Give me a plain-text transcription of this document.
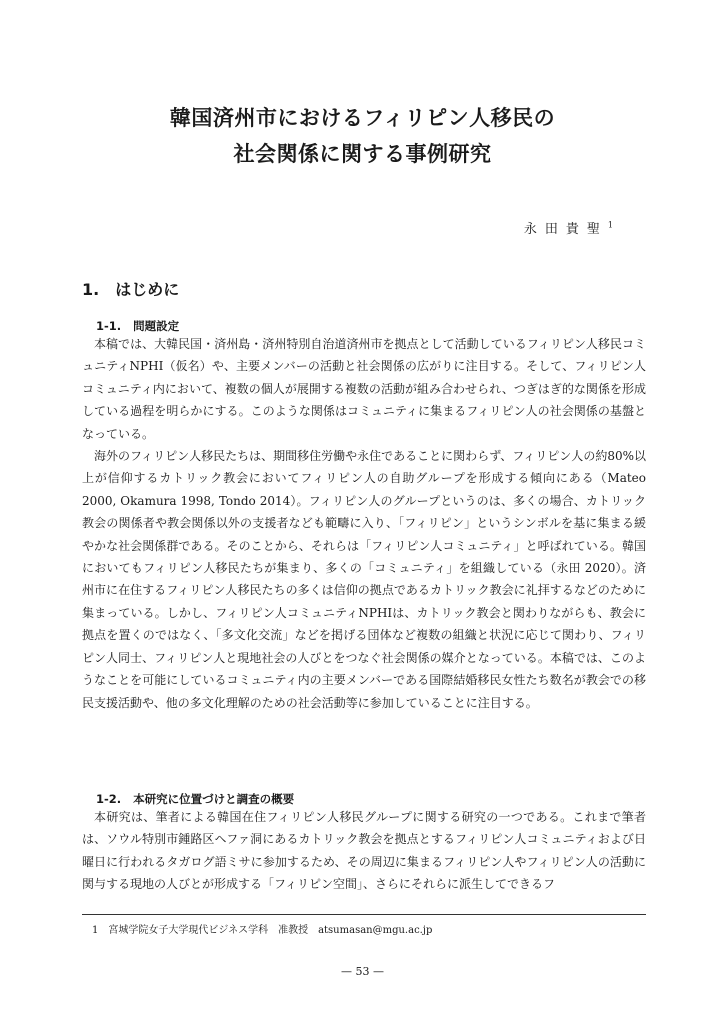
韓国済州市におけるフィリピン人移民の
社会関係に関する事例研究
永田貴聖$^1$
1. はじめに
1-1. 問題設定

本稿では、大韓民国・済州島・済州特別自治道済州市を拠点として活動しているフィリピン人移民コミュニティNPHI（仮名）や、主要メンバーの活動と社会関係の広がりに注目する。そして、フィリピン人コミュニティ内において、複数の個人が展開する複数の活動が組み合わせられ、つぎはぎ的な関係を形成している過程を明らかにする。このような関係はコミュニティに集まるフィリピン人の社会関係の基盤となっている。

海外のフィリピン人移民たちは、期間移住労働や永住であることに関わらず、フィリピン人の約80%以上が信仰するカトリック教会においてフィリピン人の自助グループを形成する傾向にある（Mateo 2000, Okamura 1998, Tondo 2014）。フィリピン人のグループというのは、多くの場合、カトリック教会の関係者や教会関係以外の支援者なども範疇に入り、「フィリピン」というシンボルを基に集まる緩やかな社会関係群である。そのことから、それらは「フィリピン人コミュニティ」と呼ばれている。韓国においてもフィリピン人移民たちが集まり、多くの「コミュニティ」を組織している（永田 2020）。済州市に在住するフィリピン人移民たちの多くは信仰の拠点であるカトリック教会に礼拝するなどのために集まっている。しかし、フィリピン人コミュニティNPHIは、カトリック教会と関わりながらも、教会に拠点を置くのではなく、「多文化交流」などを掲げる団体など複数の組織と状況に応じて関わり、フィリピン人同士、フィリピン人と現地社会の人びとをつなぐ社会関係の媒介となっている。本稿では、このようなことを可能にしているコミュニティ内の主要メンバーである国際結婚移民女性たち数名が教会での移民支援活動や、他の多文化理解のための社会活動等に参加していることに注目する。

1-2. 本研究に位置づけと調査の概要

本研究は、筆者による韓国在住フィリピン人移民グループに関する研究の一つである。これまで筆者は、ソウル特別市鍾路区ヘファ洞にあるカトリック教会を拠点とするフィリピン人コミュニティおよび日曜日に行われるタガログ語ミサに参加するため、その周辺に集まるフィリピン人やフィリピン人の活動に関与する現地の人びとが形成する「フィリピン空間」、さらにそれらに派生してできるフ

1 宮城学院女子大学現代ビジネス学科　准教授　atsumasan@mgu.ac.jp
— 53 —
